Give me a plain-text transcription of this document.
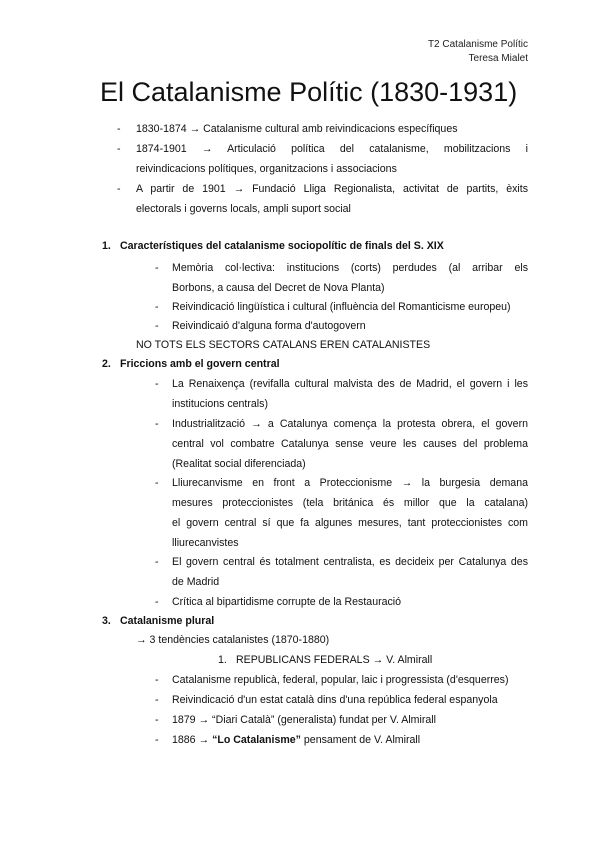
T2 Catalanisme Polític
Teresa Mialet
El Catalanisme Polític (1830-1931)
- 1830-1874 → Catalanisme cultural amb reivindicacions específiques
- 1874-1901 → Articulació política del catalanisme, mobilitzacions i
reivindicacions polítiques, organitzacions i associacions
- A partir de 1901 → Fundació Lliga Regionalista, activitat de partits, èxits
electorals i governs locals, ampli suport social
1. Característiques del catalanisme sociopolític de finals del S. XIX
- Memòria col·lectiva: institucions (corts) perdudes (al arribar els
Borbons, a causa del Decret de Nova Planta)
- Reivindicació lingüística i cultural (influència del Romanticisme europeu)
- Reivindicaió d'alguna forma d'autogovern
NO TOTS ELS SECTORS CATALANS EREN CATALANISTES
2. Friccions amb el govern central
- La Renaixença (revifalla cultural malvista des de Madrid, el govern i les
institucions centrals)
- Industrialització → a Catalunya comença la protesta obrera, el govern
central vol combatre Catalunya sense veure les causes del problema
(Realitat social diferenciada)
- Lliurecanvisme en front a Proteccionisme → la burgesia demana
mesures proteccionistes (tela británica és millor que la catalana)
el govern central sí que fa algunes mesures, tant proteccionistes com
lliurecanvistes
- El govern central és totalment centralista, es decideix per Catalunya des
de Madrid
- Crítica al bipartidisme corrupte de la Restauració
3. Catalanisme plural
→ 3 tendències catalanistes (1870-1880)
1. REPUBLICANS FEDERALS → V. Almirall
- Catalanisme republicà, federal, popular, laic i progressista (d'esquerres)
- Reivindicació d'un estat català dins d'una república federal espanyola
- 1879 → “Diari Català” (generalista) fundat per V. Almirall
- 1886 → “Lo Catalanisme” pensament de V. Almirall
